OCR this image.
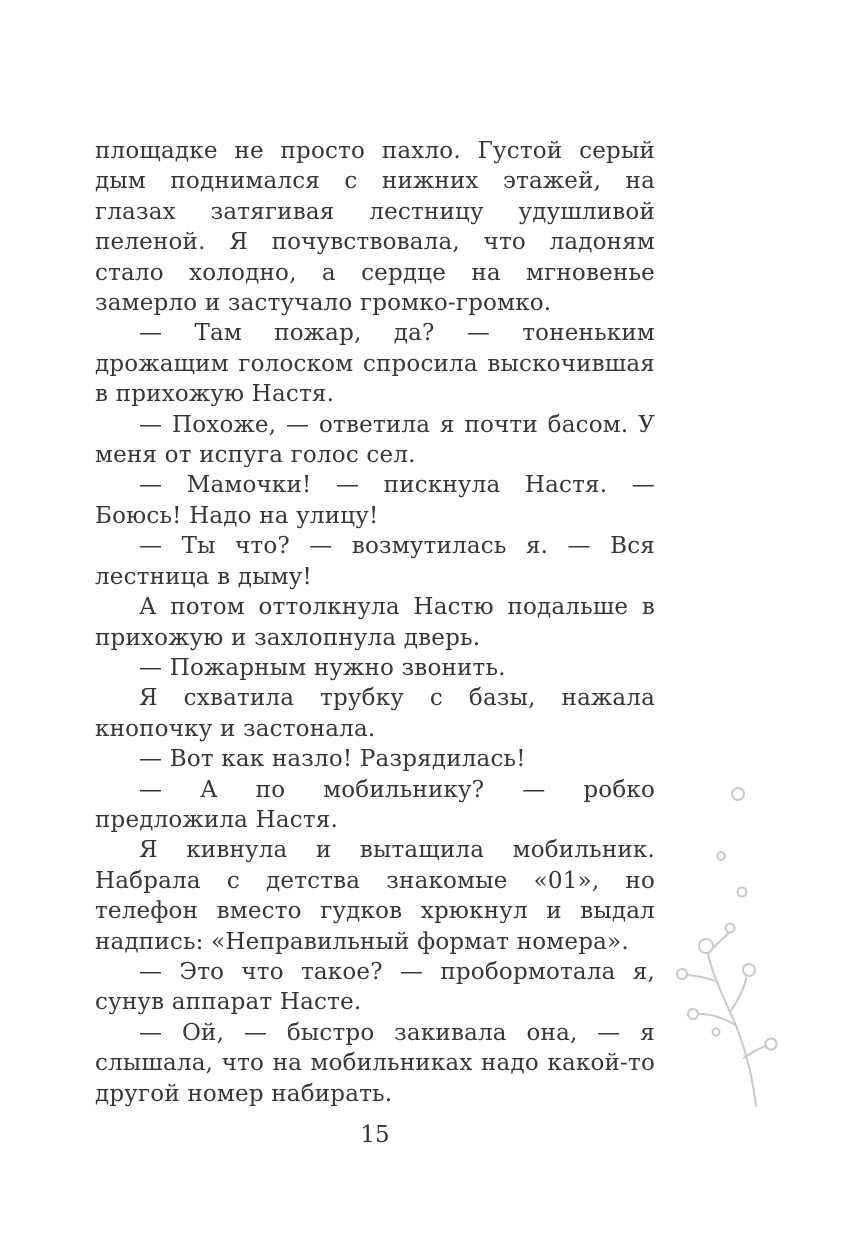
площадке не просто пахло. Густой серый дым поднимался с нижних этажей, на глазах затягивая лестницу удушливой пеленой. Я почувствовала, что ладоням стало холодно, а сердце на мгновенье замерло и застучало громко-громко.

— Там пожар, да? — тоненьким дрожащим голоском спросила выскочившая в прихожую Настя.

— Похоже, — ответила я почти басом. У меня от испуга голос сел.

— Мамочки! — пискнула Настя. — Боюсь! Надо на улицу!

— Ты что? — возмутилась я. — Вся лестница в дыму!

А потом оттолкнула Настю подальше в прихожую и захлопнула дверь.

— Пожарным нужно звонить.

Я схватила трубку с базы, нажала кнопочку и застонала.

— Вот как назло! Разрядилась!

— А по мобильнику? — робко предложила Настя.

Я кивнула и вытащила мобильник. Набрала с детства знакомые «01», но телефон вместо гудков хрюкнул и выдал надпись: «Неправильный формат номера».

— Это что такое? — пробормотала я, сунув аппарат Насте.

— Ой, — быстро закивала она, — я слышала, что на мобильниках надо какой-то другой номер набирать.

15
